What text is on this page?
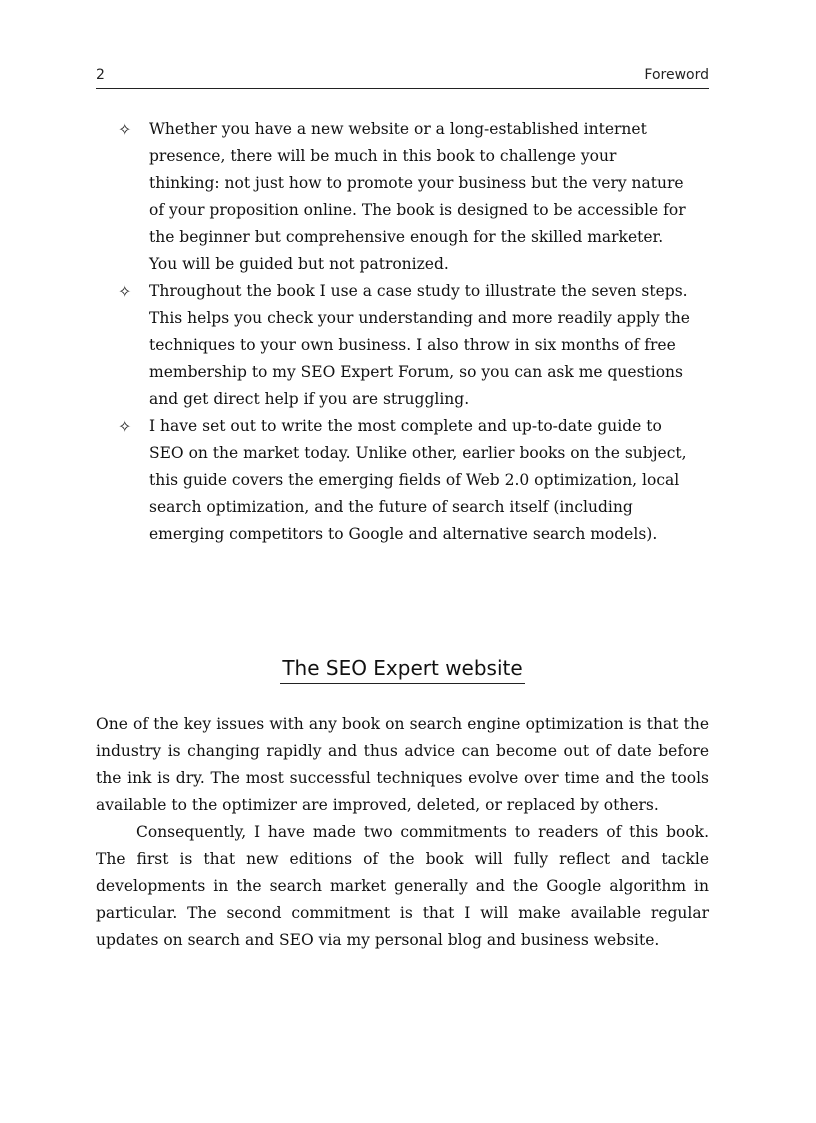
2	Foreword
✧ Whether you have a new website or a long-established internet presence, there will be much in this book to challenge your thinking: not just how to promote your business but the very nature of your proposition online. The book is designed to be accessible for the beginner but comprehensive enough for the skilled marketer. You will be guided but not patronized.
✧ Throughout the book I use a case study to illustrate the seven steps. This helps you check your understanding and more readily apply the techniques to your own business. I also throw in six months of free membership to my SEO Expert Forum, so you can ask me questions and get direct help if you are struggling.
✧ I have set out to write the most complete and up-to-date guide to SEO on the market today. Unlike other, earlier books on the subject, this guide covers the emerging fields of Web 2.0 optimization, local search optimization, and the future of search itself (including emerging competitors to Google and alternative search models).
The SEO Expert website

One of the key issues with any book on search engine optimization is that the industry is changing rapidly and thus advice can become out of date before the ink is dry. The most successful techniques evolve over time and the tools available to the optimizer are improved, deleted, or replaced by others.

Consequently, I have made two commitments to readers of this book. The first is that new editions of the book will fully reflect and tackle developments in the search market generally and the Google algorithm in particular. The second commitment is that I will make available regular updates on search and SEO via my personal blog and business website.
